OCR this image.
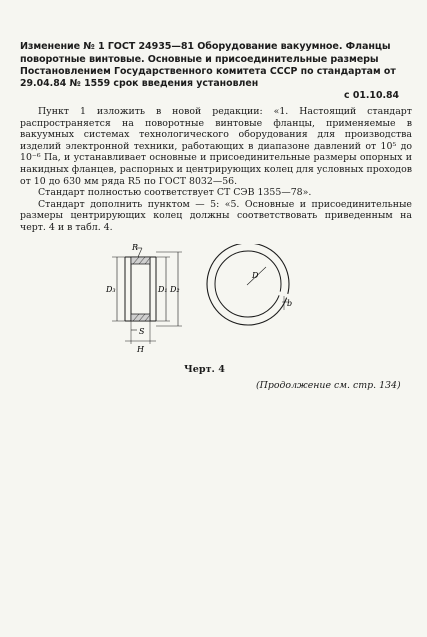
Изменение № 1 ГОСТ 24935—81 Оборудование вакуумное. Фланцы поворотные винтовые. Основные и присоединительные размеры
Постановлением Государственного комитета СССР по стандартам от 29.04.84 № 1559 срок введения установлен
с 01.10.84

Пункт 1 изложить в новой редакции: «1. Настоящий стандарт распространяется на поворотные винтовые фланцы, применяемые в вакуумных системах технологического оборудования для производства изделий электронной техники, работающих в диапазоне давлений от 10⁵ до 10⁻⁶ Па, и устанавливает основные и присоединительные размеры опорных и накидных фланцев, распорных и центрирующих колец для условных проходов от 10 до 630 мм ряда R5 по ГОСТ 8032—56.

Стандарт полностью соответствует СТ СЭВ 1355—78».

Стандарт дополнить пунктом — 5: «5. Основные и присоединительные размеры центрирующих колец должны соответствовать приведенным на черт. 4 и в табл. 4.

R
D₃	D₁ D₂
S
H
D
b
Черт. 4
(Продолжение см. стр. 134)
